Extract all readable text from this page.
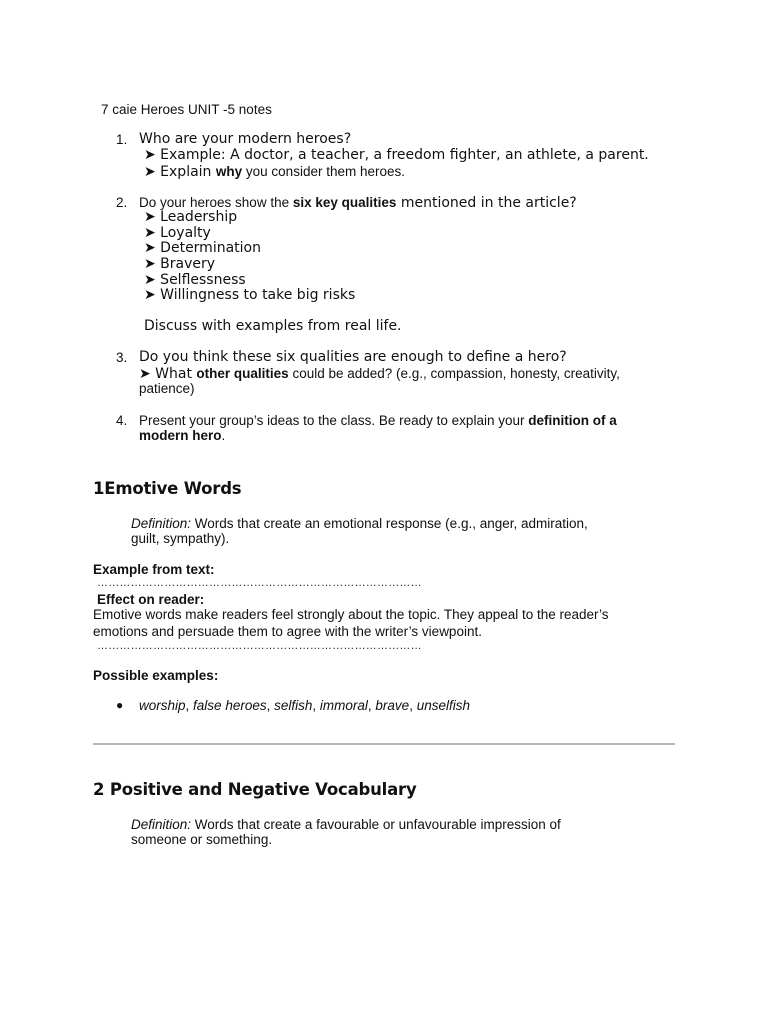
7 caie Heroes UNIT -5 notes
1. Who are your modern heroes?
➤ Example: A doctor, a teacher, a freedom fighter, an athlete, a parent.
➤ Explain why you consider them heroes.
2. Do your heroes show the six key qualities mentioned in the article?
➤ Leadership
➤ Loyalty
➤ Determination
➤ Bravery
➤ Selflessness
➤ Willingness to take big risks
Discuss with examples from real life.
3. Do you think these six qualities are enough to define a hero?
➤ What other qualities could be added? (e.g., compassion, honesty, creativity,
patience)
4. Present your group’s ideas to the class. Be ready to explain your definition of a
modern hero.
1Emotive Words
Definition: Words that create an emotional response (e.g., anger, admiration,
guilt, sympathy).
Example from text:
……………………………………………………………………………
Effect on reader:
Emotive words make readers feel strongly about the topic. They appeal to the reader’s
emotions and persuade them to agree with the writer’s viewpoint.
……………………………………………………………………………
Possible examples:
● worship, false heroes, selfish, immoral, brave, unselfish
2 Positive and Negative Vocabulary
Definition: Words that create a favourable or unfavourable impression of
someone or something.
